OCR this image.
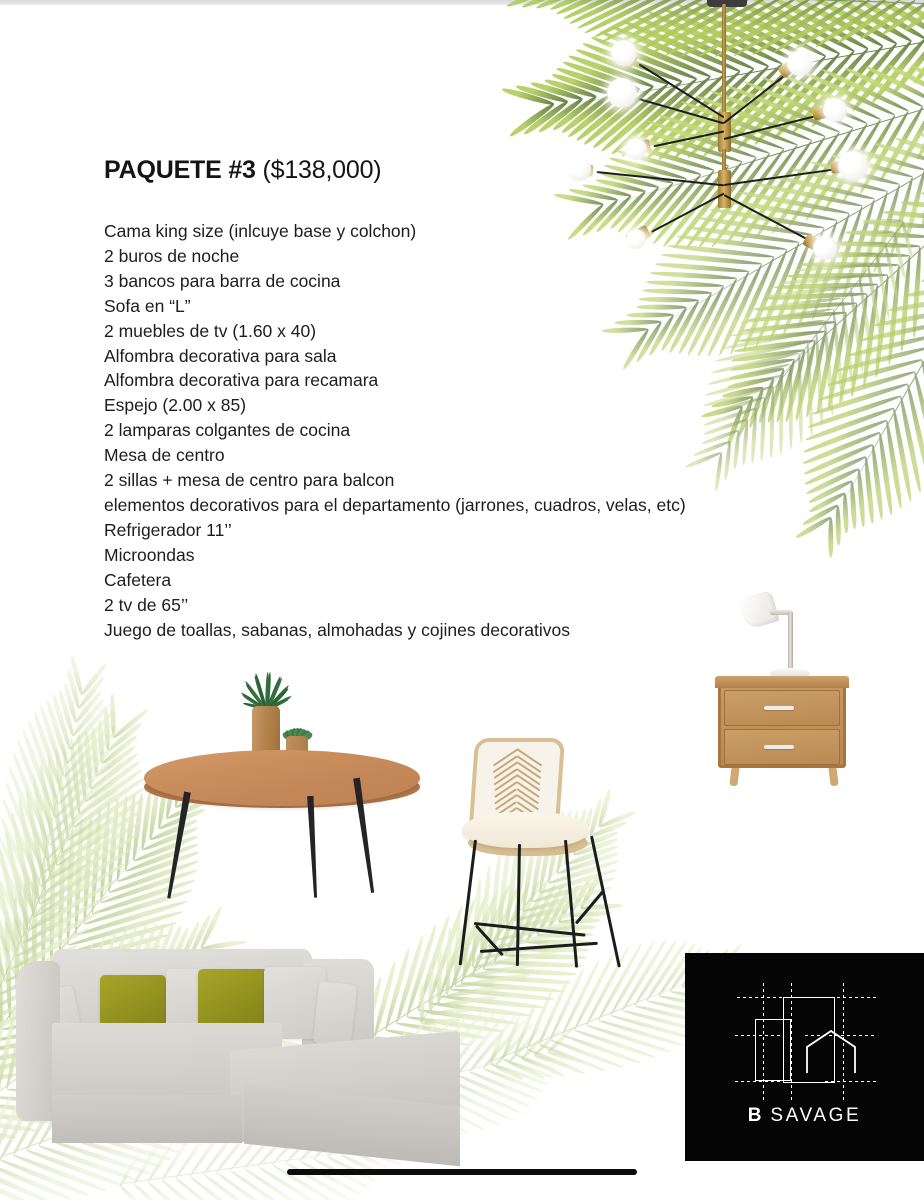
PAQUETE #3 ($138,000)
Cama king size (inlcuye base y colchon)
2 buros de noche
3 bancos para barra de cocina
Sofa en “L”
2 muebles de tv (1.60 x 40)
Alfombra decorativa para sala
Alfombra decorativa para recamara
Espejo (2.00 x 85)
2 lamparas colgantes de cocina
Mesa de centro
2 sillas + mesa de centro para balcon
elementos decorativos para el departamento (jarrones, cuadros, velas, etc)
Refrigerador 11’’
Microondas
Cafetera
2 tv de 65’’
Juego de toallas, sabanas, almohadas y cojines decorativos
B SAVAGE
